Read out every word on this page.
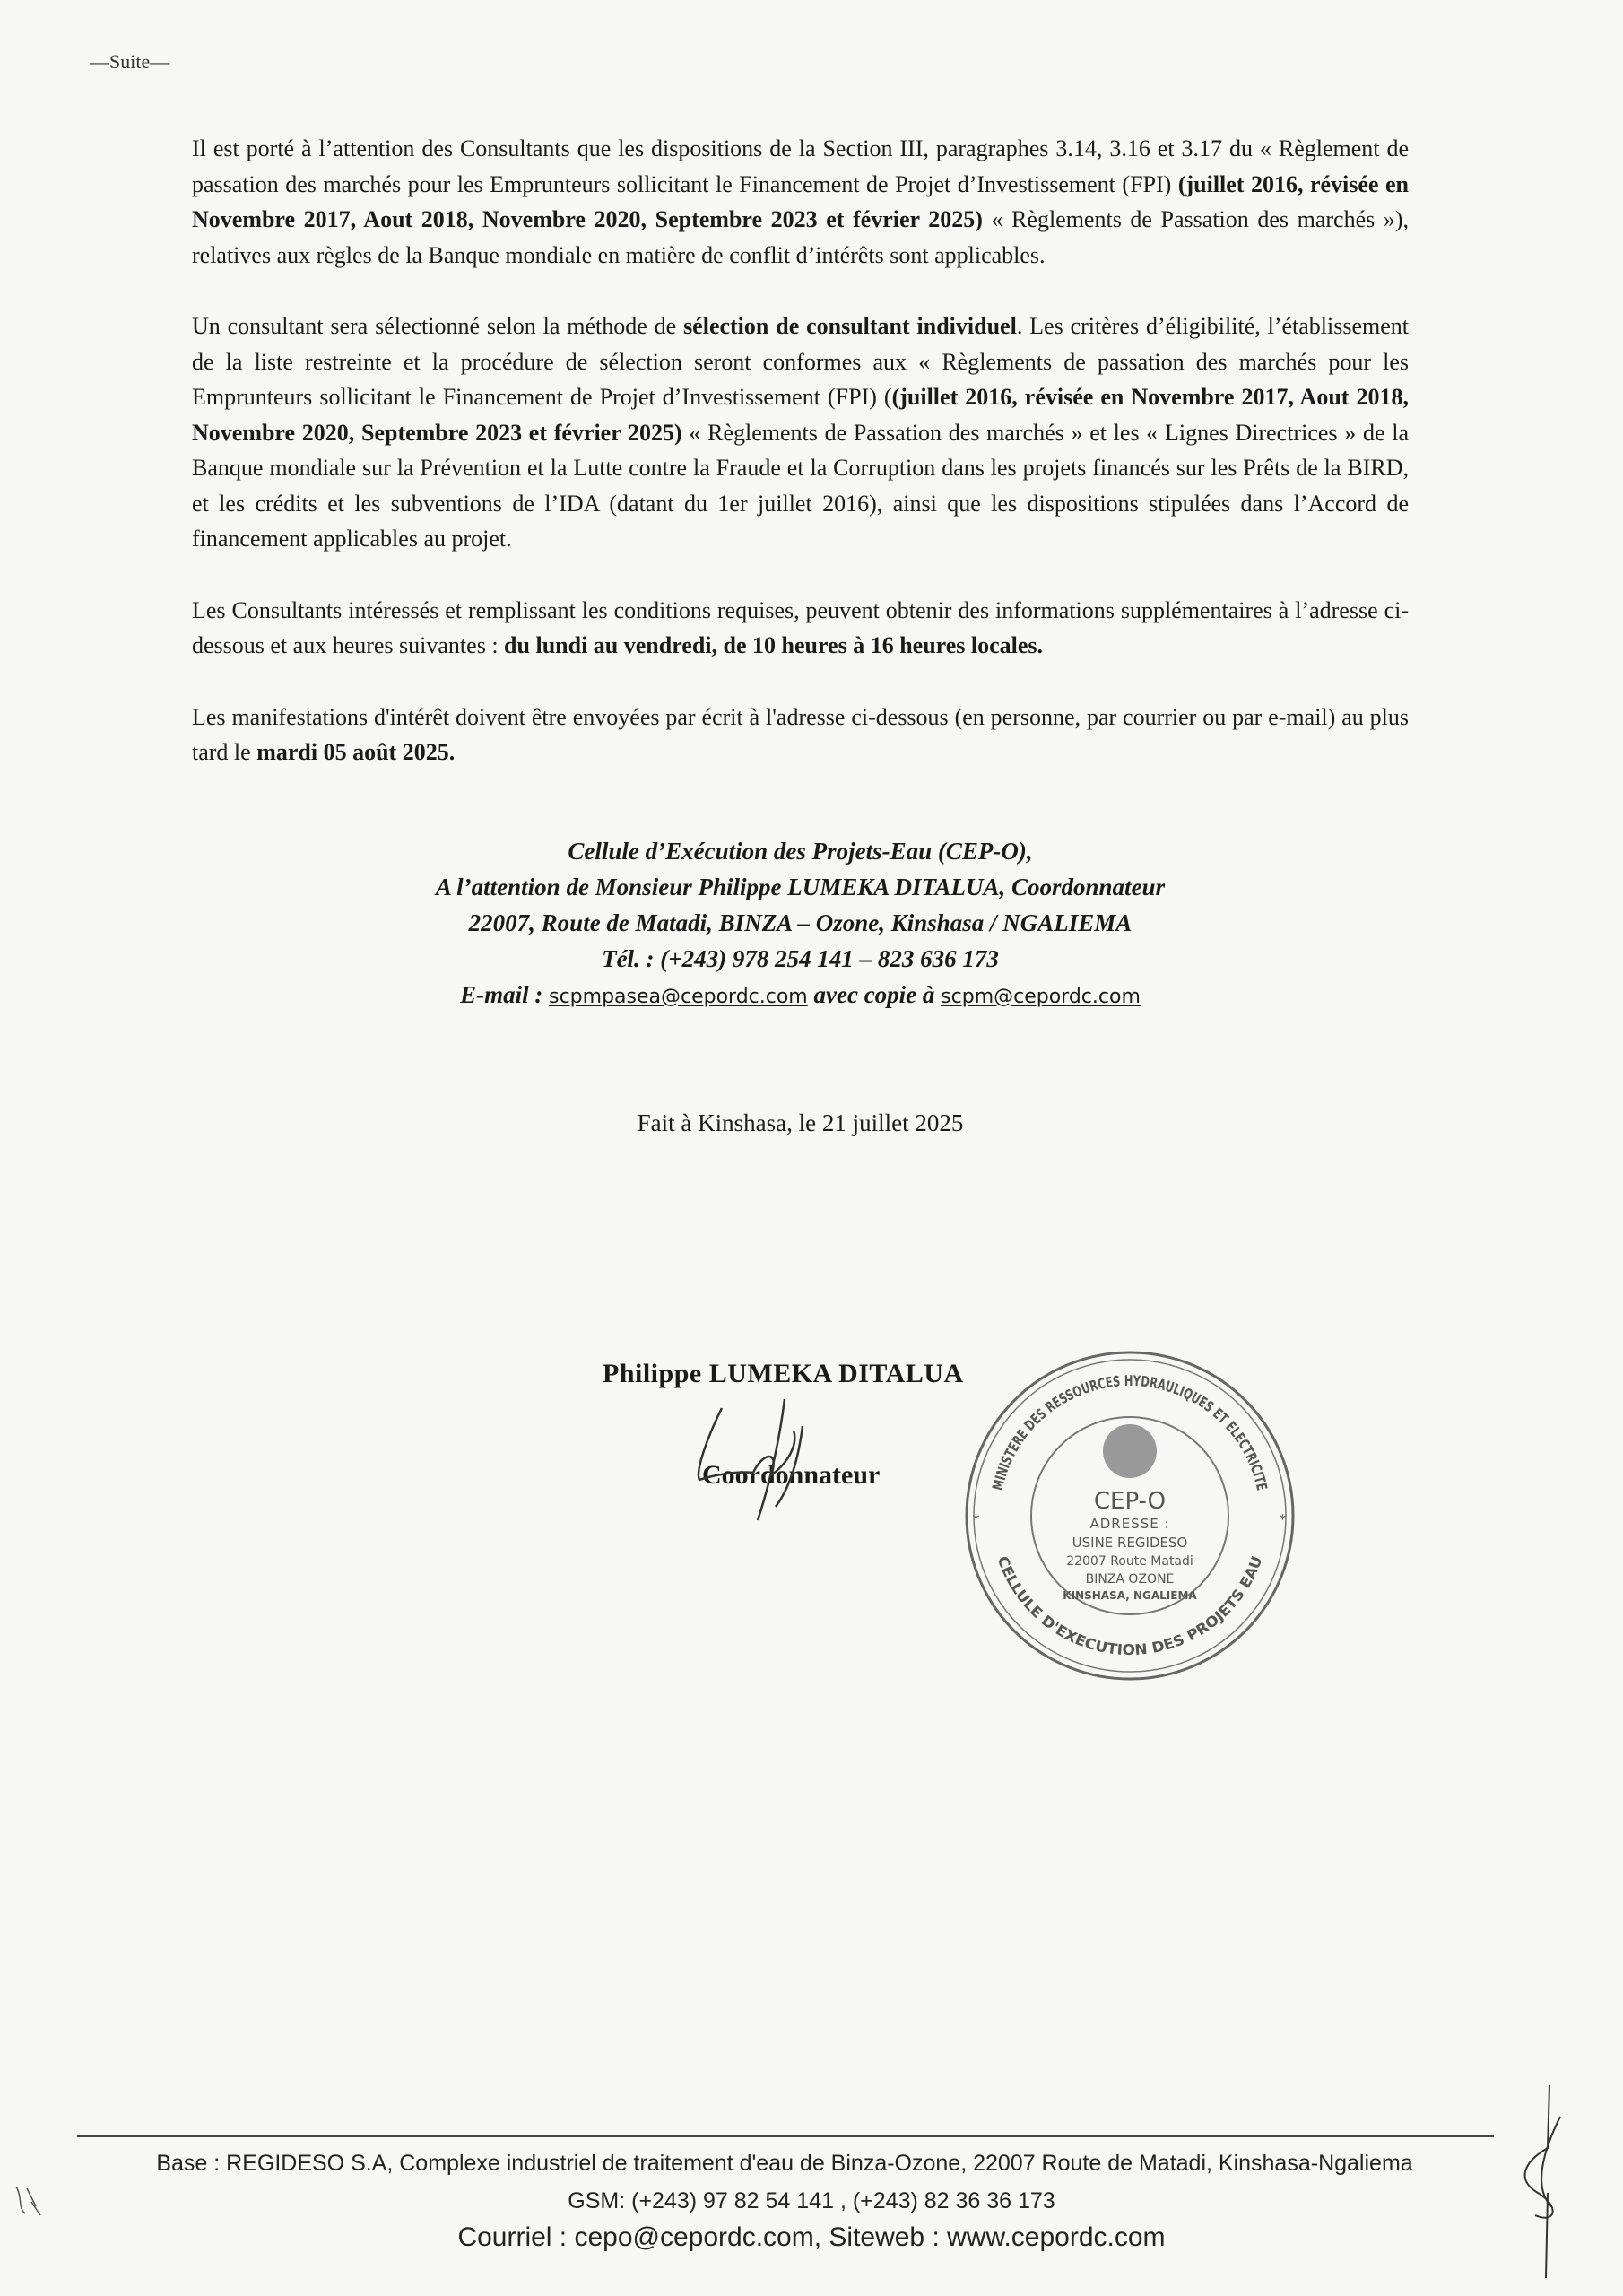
—Suite—
Il est porté à l’attention des Consultants que les dispositions de la Section III, paragraphes 3.14, 3.16 et 3.17 du « Règlement de passation des marchés pour les Emprunteurs sollicitant le Financement de Projet d’Investissement (FPI) (juillet 2016, révisée en Novembre 2017, Aout 2018, Novembre 2020, Septembre 2023 et février 2025) « Règlements de Passation des marchés »), relatives aux règles de la Banque mondiale en matière de conflit d’intérêts sont applicables.
Un consultant sera sélectionné selon la méthode de sélection de consultant individuel. Les critères d’éligibilité, l’établissement de la liste restreinte et la procédure de sélection seront conformes aux « Règlements de passation des marchés pour les Emprunteurs sollicitant le Financement de Projet d’Investissement (FPI) ((juillet 2016, révisée en Novembre 2017, Aout 2018, Novembre 2020, Septembre 2023 et février 2025) « Règlements de Passation des marchés » et les « Lignes Directrices » de la Banque mondiale sur la Prévention et la Lutte contre la Fraude et la Corruption dans les projets financés sur les Prêts de la BIRD, et les crédits et les subventions de l’IDA (datant du 1er juillet 2016), ainsi que les dispositions stipulées dans l’Accord de financement applicables au projet.
Les Consultants intéressés et remplissant les conditions requises, peuvent obtenir des informations supplémentaires à l’adresse ci-dessous et aux heures suivantes : du lundi au vendredi, de 10 heures à 16 heures locales.
Les manifestations d'intérêt doivent être envoyées par écrit à l'adresse ci-dessous (en personne, par courrier ou par e-mail) au plus tard le mardi 05 août 2025.
Cellule d’Exécution des Projets-Eau (CEP-O),
A l’attention de Monsieur Philippe LUMEKA DITALUA, Coordonnateur
22007, Route de Matadi, BINZA – Ozone, Kinshasa / NGALIEMA
Tél. : (+243) 978 254 141 – 823 636 173
E-mail : scpmpasea@cepordc.com avec copie à scpm@cepordc.com
Fait à Kinshasa, le 21 juillet 2025
Philippe LUMEKA DITALUA
Coordonnateur	MINISTERE DES RESSOURCES HYDRAULIQUES ET ELECTRICITE
CELLULE D'EXECUTION DES PROJETS EAU
*	*
CEP-O
ADRESSE :
USINE REGIDESO
22007 Route Matadi
BINZA OZONE
KINSHASA, NGALIEMA
Base : REGIDESO S.A, Complexe industriel de traitement d'eau de Binza-Ozone, 22007 Route de Matadi, Kinshasa-Ngaliema
GSM: (+243) 97 82 54 141 , (+243) 82 36 36 173
Courriel : cepo@cepordc.com, Siteweb : www.cepordc.com
